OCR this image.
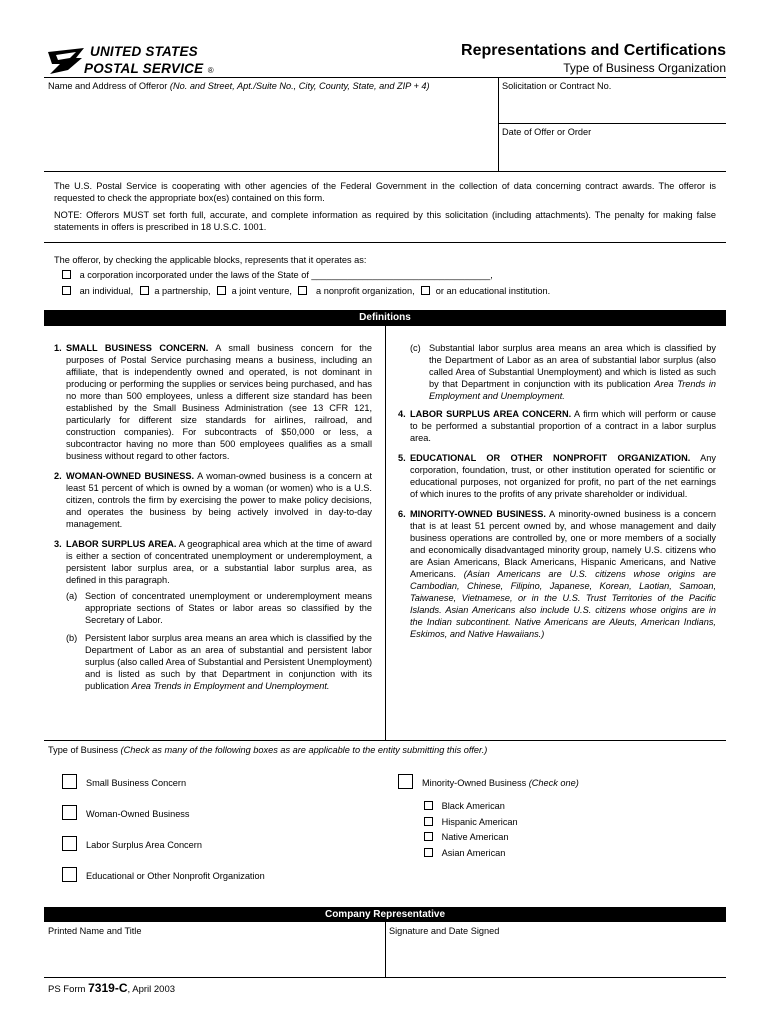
UNITED STATES
POSTAL SERVICE ®
Representations and Certifications
Type of Business Organization
Name and Address of Offeror (No. and Street, Apt./Suite No., City, County, State, and ZIP + 4)	Solicitation or Contract No.
Date of Offer or Order
The U.S. Postal Service is cooperating with other agencies of the Federal Government in the collection of data concerning contract awards. The offeror is requested to check the appropriate box(es) contained on this form.
NOTE: Offerors MUST set forth full, accurate, and complete information as required by this solicitation (including attachments). The penalty for making false statements in offers is prescribed in 18 U.S.C. 1001.
The offeror, by checking the applicable blocks, represents that it operates as:
a corporation incorporated under the laws of the State of ___________________________________,
an individual, a partnership, a joint venture,	a nonprofit organization, or an educational institution.
Definitions
1. SMALL BUSINESS CONCERN. A small business concern for the purposes of Postal Service purchasing means a business, including an affiliate, that is independently owned and operated, is not dominant in producing or performing the supplies or services being purchased, and has no more than 500 employees, unless a different size standard has been established by the Small Business Administration (see 13 CFR 121, particularly for different size standards for airlines, railroad, and construction companies). For subcontracts of $50,000 or less, a subcontractor having no more than 500 employees qualifies as a small business without regard to other factors.
2. WOMAN-OWNED BUSINESS. A woman-owned business is a concern at least 51 percent of which is owned by a woman (or women) who is a U.S. citizen, controls the firm by exercising the power to make policy decisions, and operates the business by being actively involved in day-to-day management.
3. LABOR SURPLUS AREA. A geographical area which at the time of award is either a section of concentrated unemployment or underemployment, a persistent labor surplus area, or a substantial labor surplus area, as defined in this paragraph.
(a) Section of concentrated unemployment or underemployment means appropriate sections of States or labor areas so classified by the Secretary of Labor.
(b) Persistent labor surplus area means an area which is classified by the Department of Labor as an area of substantial and persistent labor surplus (also called Area of Substantial and Persistent Unemployment) and is listed as such by that Department in conjunction with its publication Area Trends in Employment and Unemployment.
(c) Substantial labor surplus area means an area which is classified by the Department of Labor as an area of substantial labor surplus (also called Area of Substantial Unemployment) and which is listed as such by that Department in conjunction with its publication Area Trends in Employment and Unemployment.
4. LABOR SURPLUS AREA CONCERN. A firm which will perform or cause to be performed a substantial proportion of a contract in a labor surplus area.
5. EDUCATIONAL OR OTHER NONPROFIT ORGANIZATION. Any corporation, foundation, trust, or other institution operated for scientific or educational purposes, not organized for profit, no part of the net earnings of which inures to the profits of any private shareholder or individual.
6. MINORITY-OWNED BUSINESS. A minority-owned business is a concern that is at least 51 percent owned by, and whose management and daily business operations are controlled by, one or more members of a socially and economically disadvantaged minority group, namely U.S. citizens who are Asian Americans, Black Americans, Hispanic Americans, and Native Americans. (Asian Americans are U.S. citizens whose origins are Cambodian, Chinese, Filipino, Japanese, Korean, Laotian, Samoan, Taiwanese, Vietnamese, or in the U.S. Trust Territories of the Pacific Islands. Asian Americans also include U.S. citizens whose origins are in the Indian subcontinent. Native Americans are Aleuts, American Indians, Eskimos, and Native Hawaiians.)
Type of Business (Check as many of the following boxes as are applicable to the entity submitting this offer.)
Small Business Concern
Woman-Owned Business
Labor Surplus Area Concern
Educational or Other Nonprofit Organization
Minority-Owned Business (Check one)
Black American
Hispanic American
Native American
Asian American
Company Representative
Printed Name and Title	Signature and Date Signed
PS Form 7319-C, April 2003
